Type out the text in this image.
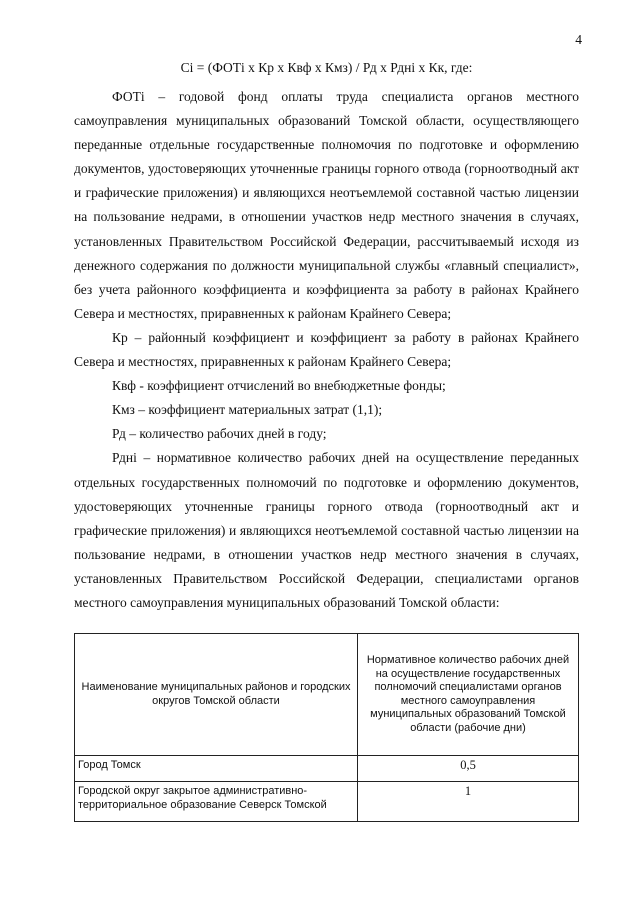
4
Сi = (ФОТi х Кр х Квф х Кмз) / Рд х Рднi х Кк, где:

ФОТi – годовой фонд оплаты труда специалиста органов местного самоуправления муниципальных образований Томской области, осуществляющего переданные отдельные государственные полномочия по подготовке и оформлению документов, удостоверяющих уточненные границы горного отвода (горноотводный акт и графические приложения) и являющихся неотъемлемой составной частью лицензии на пользование недрами, в отношении участков недр местного значения в случаях, установленных Правительством Российской Федерации, рассчитываемый исходя из денежного содержания по должности муниципальной службы «главный специалист», без учета районного коэффициента и коэффициента за работу в районах Крайнего Севера и местностях, приравненных к районам Крайнего Севера;

Кр – районный коэффициент и коэффициент за работу в районах Крайнего Севера и местностях, приравненных к районам Крайнего Севера;

Квф - коэффициент отчислений во внебюджетные фонды;

Кмз – коэффициент материальных затрат (1,1);

Рд – количество рабочих дней в году;

Рднi – нормативное количество рабочих дней на осуществление переданных отдельных государственных полномочий по подготовке и оформлению документов, удостоверяющих уточненные границы горного отвода (горноотводный акт и графические приложения) и являющихся неотъемлемой составной частью лицензии на пользование недрами, в отношении участков недр местного значения в случаях, установленных Правительством Российской Федерации, специалистами органов местного самоуправления муниципальных образований Томской области:

Наименование муниципальных районов и городских округов Томской области	Нормативное количество рабочих дней на осуществление государственных полномочий специалистами органов местного самоуправления муниципальных образований Томской области (рабочие дни)
Город Томск	0,5
Городской округ закрытое административно-территориальное образование Северск Томской	1
